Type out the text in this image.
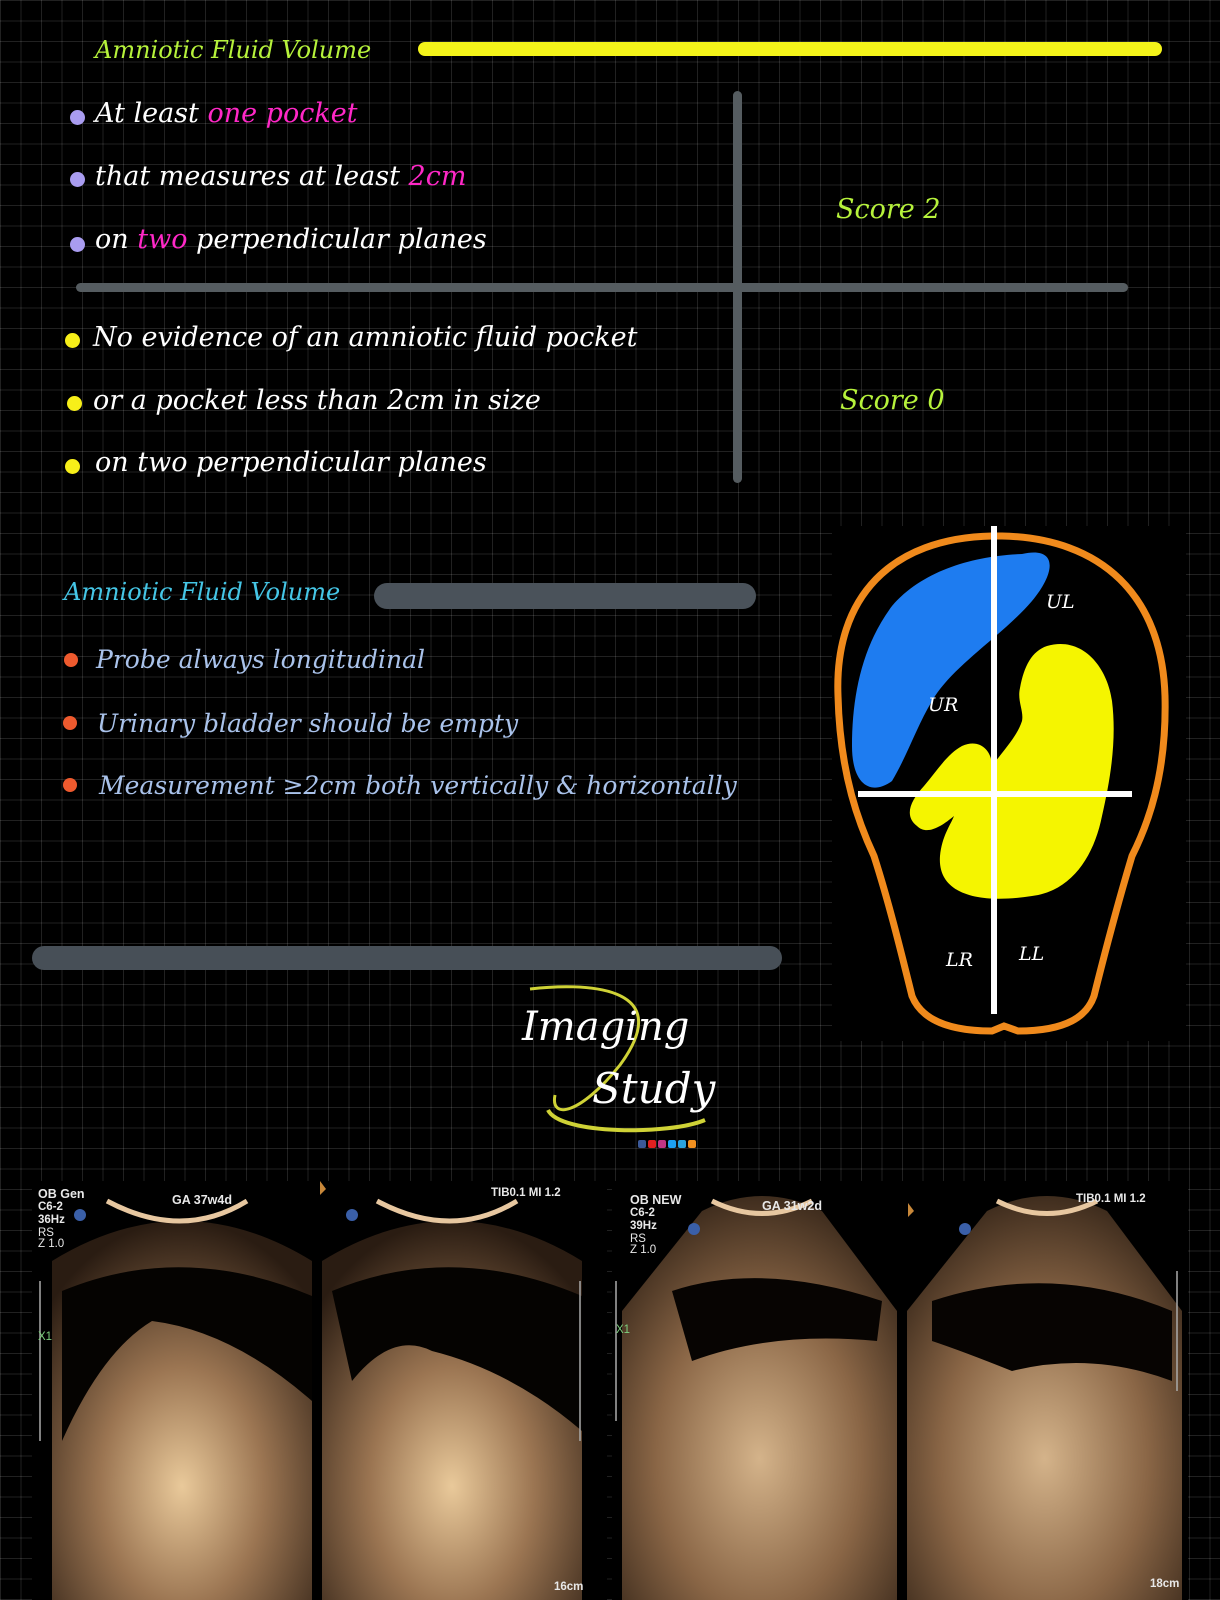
Amniotic Fluid Volume
At least one pocket
that measures at least 2cm
on two perpendicular planes
Score 2
No evidence of an amniotic fluid pocket
or a pocket less than 2cm in size
on two perpendicular planes
Score 0
Amniotic Fluid Volume
Probe always longitudinal
Urinary bladder should be empty
Measurement ≥2cm both vertically & horizontally
UL
UR
LR LL
Imaging
Study
OB Gen
C6-2
36Hz
RS
Z 1.0
GA 37w4d	TIB0.1 MI 1.2
16cm
X1
OB NEW
C6-2
39Hz
RS
Z 1.0
GA 31w2d	TIB0.1 MI 1.2
18cm
X1
